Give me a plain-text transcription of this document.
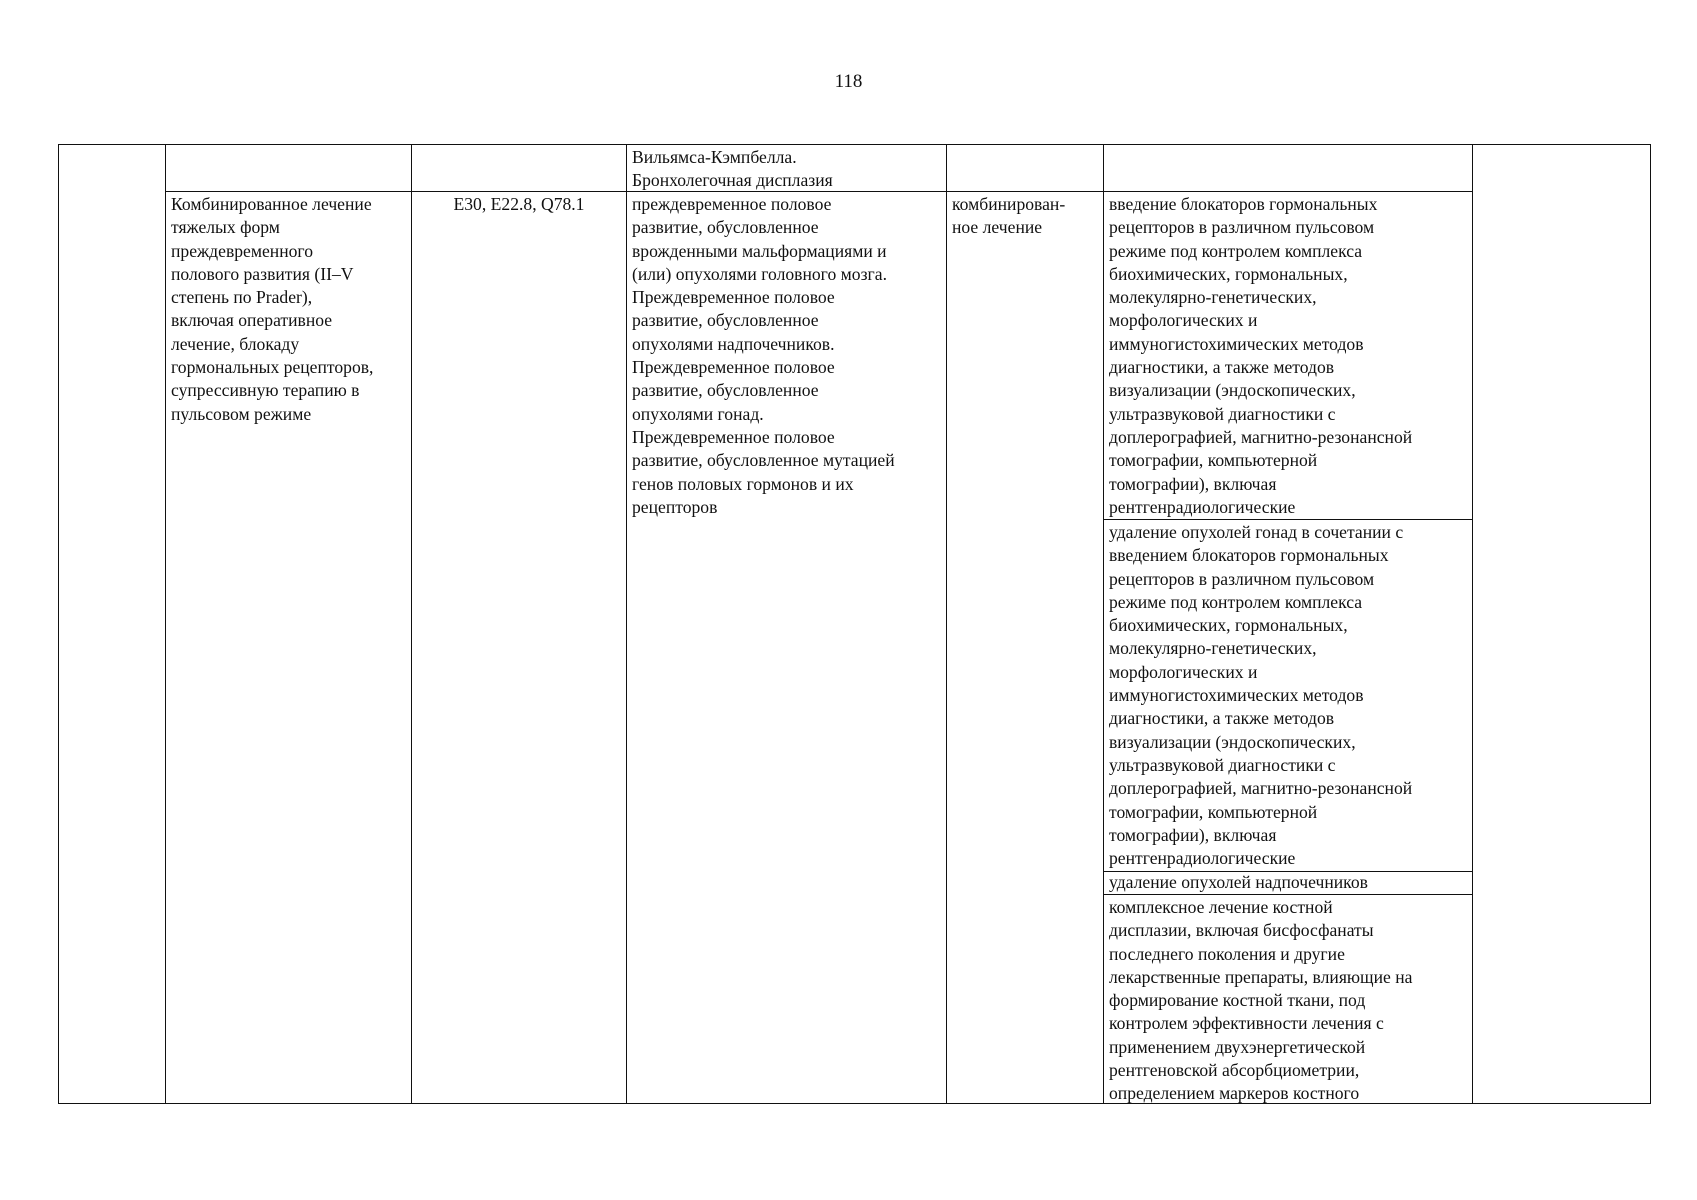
118
Вильямса-Кэмпбелла.
Бронхолегочная дисплазия
Комбинированное лечение
тяжелых форм
преждевременного
полового развития (II–V
степень по Prader),
включая оперативное
лечение, блокаду
гормональных рецепторов,
супрессивную терапию в
пульсовом режиме
E30, E22.8, Q78.1	преждевременное половое
развитие, обусловленное
врожденными мальформациями и
(или) опухолями головного мозга.
Преждевременное половое
развитие, обусловленное
опухолями надпочечников.
Преждевременное половое
развитие, обусловленное
опухолями гонад.
Преждевременное половое
развитие, обусловленное мутацией
генов половых гормонов и их
рецепторов
комбинирован-
ное лечение
введение блокаторов гормональных
рецепторов в различном пульсовом
режиме под контролем комплекса
биохимических, гормональных,
молекулярно-генетических,
морфологических и
иммуногистохимических методов
диагностики, а также методов
визуализации (эндоскопических,
ультразвуковой диагностики с
доплерографией, магнитно-резонансной
томографии, компьютерной
томографии), включая
рентгенрадиологические
удаление опухолей гонад в сочетании с
введением блокаторов гормональных
рецепторов в различном пульсовом
режиме под контролем комплекса
биохимических, гормональных,
молекулярно-генетических,
морфологических и
иммуногистохимических методов
диагностики, а также методов
визуализации (эндоскопических,
ультразвуковой диагностики с
доплерографией, магнитно-резонансной
томографии, компьютерной
томографии), включая
рентгенрадиологические
удаление опухолей надпочечников
комплексное лечение костной
дисплазии, включая бисфосфанаты
последнего поколения и другие
лекарственные препараты, влияющие на
формирование костной ткани, под
контролем эффективности лечения с
применением двухэнергетической
рентгеновской абсорбциометрии,
определением маркеров костного
